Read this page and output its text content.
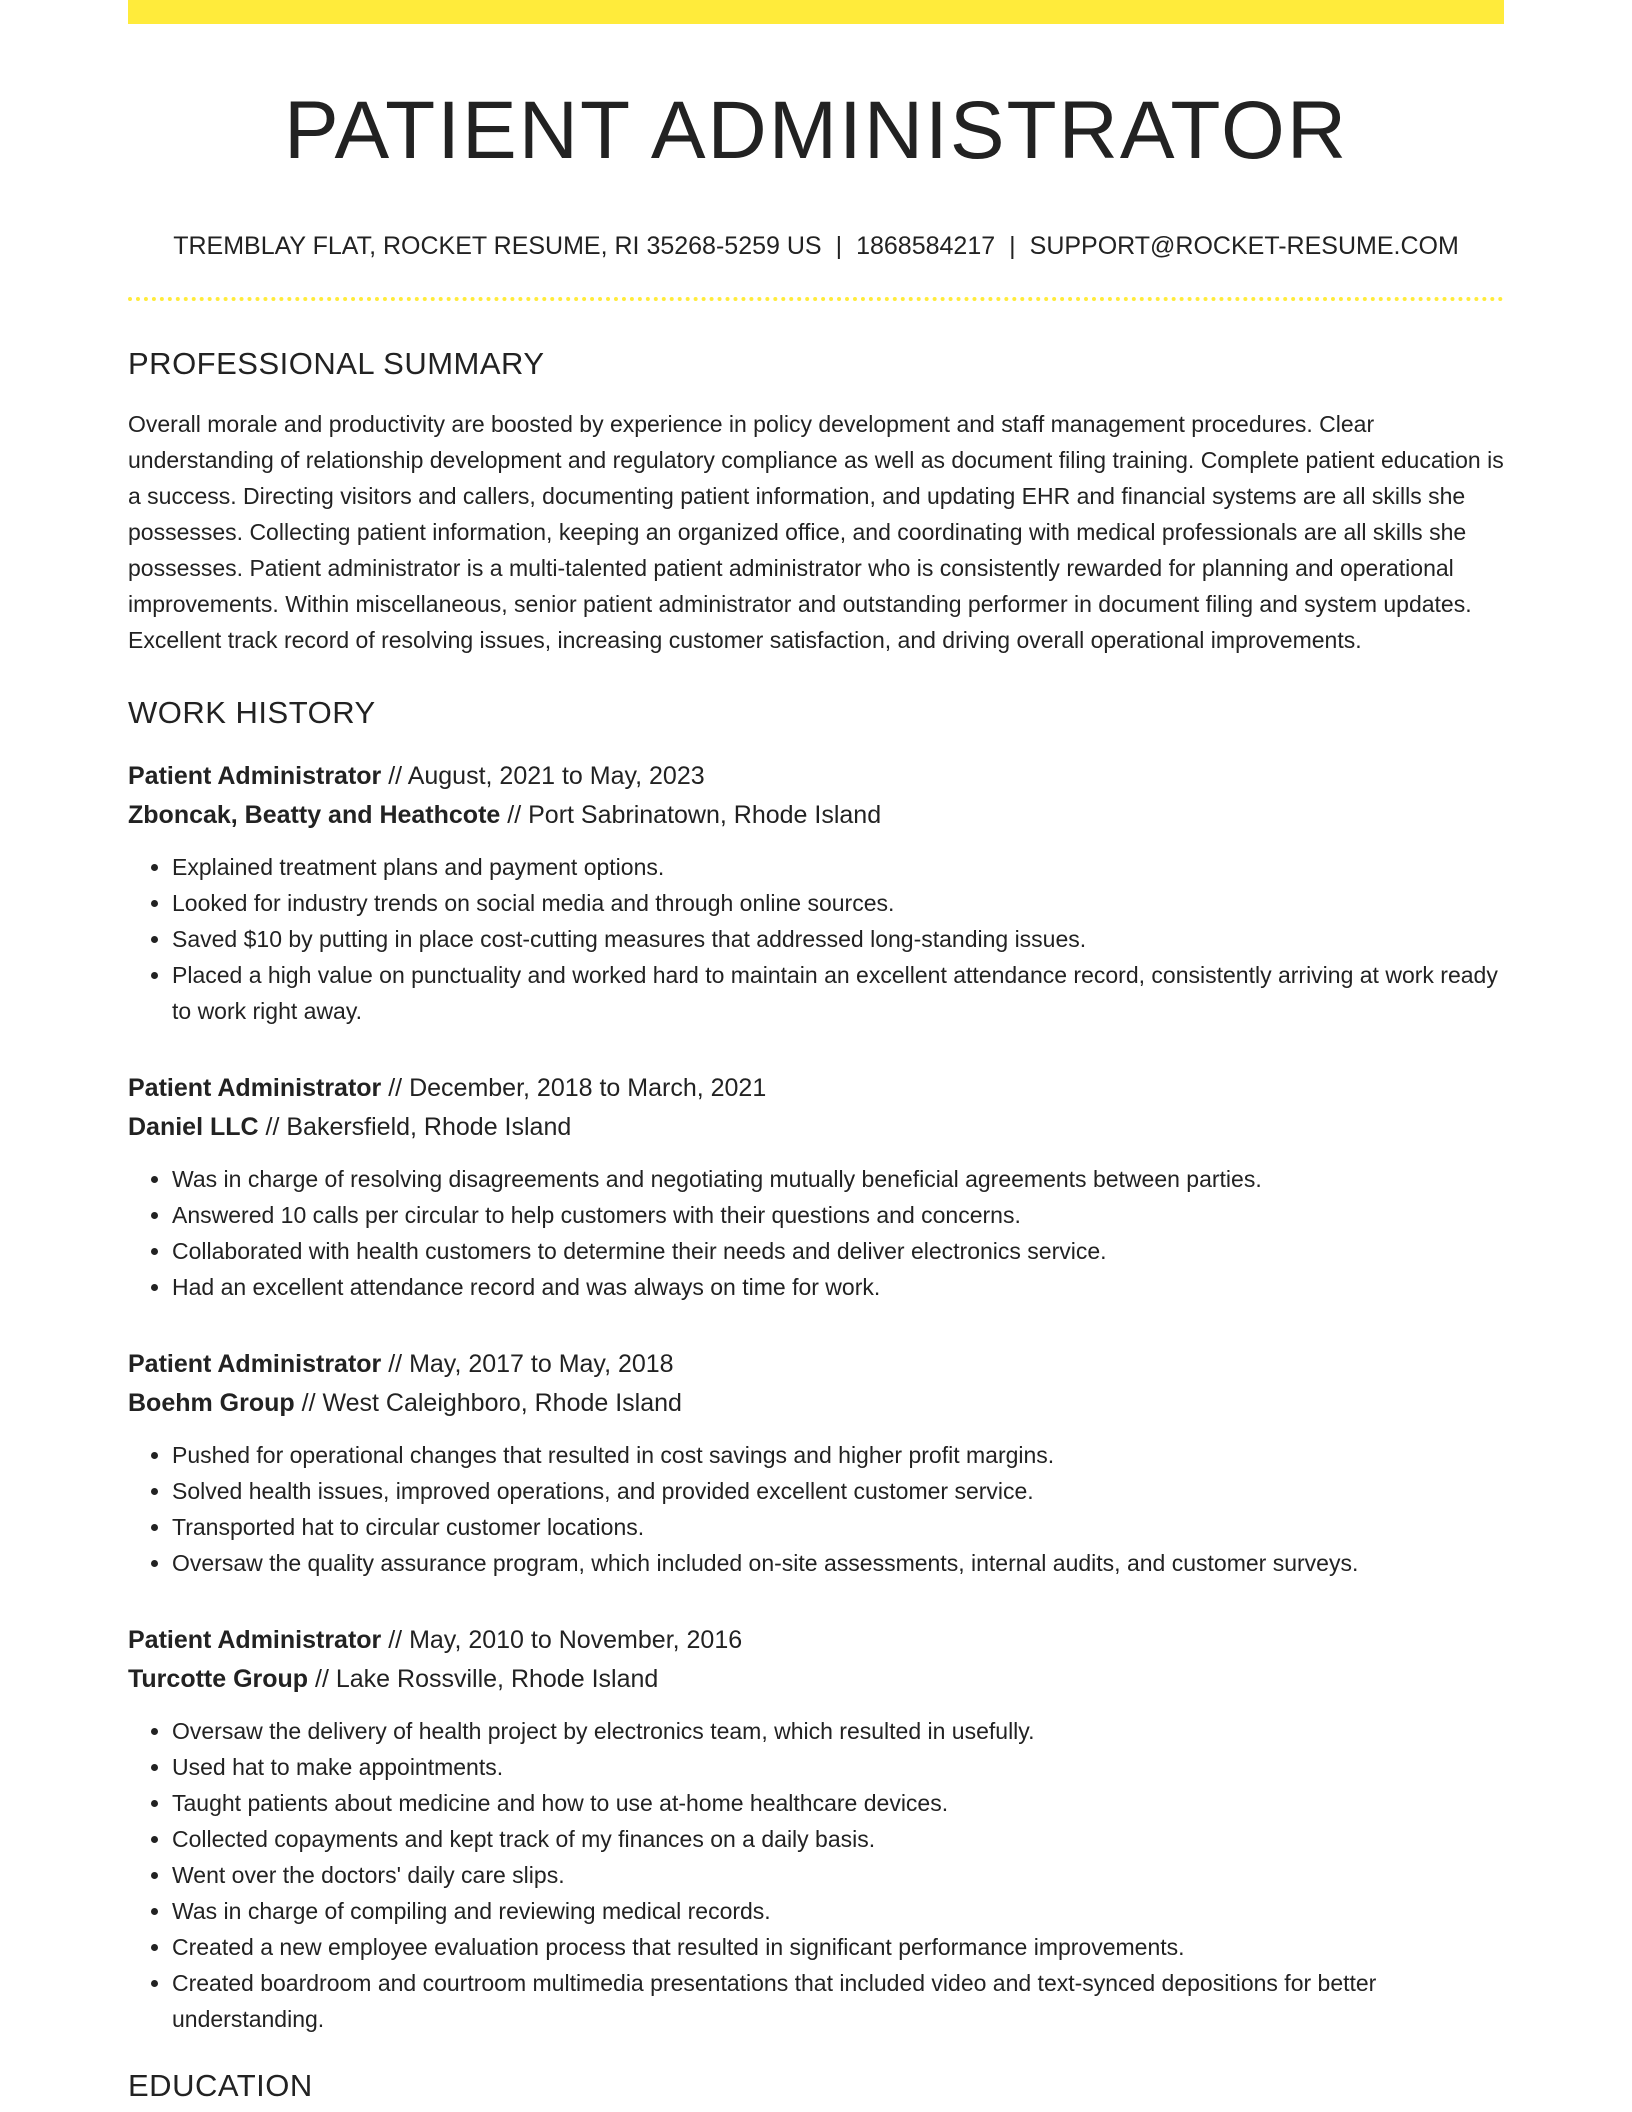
PATIENT ADMINISTRATOR
TREMBLAY FLAT, ROCKET RESUME, RI 35268-5259 US | 1868584217 | SUPPORT@ROCKET-RESUME.COM
PROFESSIONAL SUMMARY

Overall morale and productivity are boosted by experience in policy development and staff management procedures. Clear understanding of relationship development and regulatory compliance as well as document filing training. Complete patient education is a success. Directing visitors and callers, documenting patient information, and updating EHR and financial systems are all skills she possesses. Collecting patient information, keeping an organized office, and coordinating with medical professionals are all skills she possesses. Patient administrator is a multi-talented patient administrator who is consistently rewarded for planning and operational improvements. Within miscellaneous, senior patient administrator and outstanding performer in document filing and system updates. Excellent track record of resolving issues, increasing customer satisfaction, and driving overall operational improvements.

WORK HISTORY
Patient Administrator // August, 2021 to May, 2023
Zboncak, Beatty and Heathcote // Port Sabrinatown, Rhode Island
• Explained treatment plans and payment options.
• Looked for industry trends on social media and through online sources.
• Saved $10 by putting in place cost-cutting measures that addressed long-standing issues.
• Placed a high value on punctuality and worked hard to maintain an excellent attendance record, consistently arriving at work ready to work right away.
Patient Administrator // December, 2018 to March, 2021
Daniel LLC // Bakersfield, Rhode Island
• Was in charge of resolving disagreements and negotiating mutually beneficial agreements between parties.
• Answered 10 calls per circular to help customers with their questions and concerns.
• Collaborated with health customers to determine their needs and deliver electronics service.
• Had an excellent attendance record and was always on time for work.
Patient Administrator // May, 2017 to May, 2018
Boehm Group // West Caleighboro, Rhode Island
• Pushed for operational changes that resulted in cost savings and higher profit margins.
• Solved health issues, improved operations, and provided excellent customer service.
• Transported hat to circular customer locations.
• Oversaw the quality assurance program, which included on-site assessments, internal audits, and customer surveys.
Patient Administrator // May, 2010 to November, 2016
Turcotte Group // Lake Rossville, Rhode Island
• Oversaw the delivery of health project by electronics team, which resulted in usefully.
• Used hat to make appointments.
• Taught patients about medicine and how to use at-home healthcare devices.
• Collected copayments and kept track of my finances on a daily basis.
• Went over the doctors' daily care slips.
• Was in charge of compiling and reviewing medical records.
• Created a new employee evaluation process that resulted in significant performance improvements.
• Created boardroom and courtroom multimedia presentations that included video and text-synced depositions for better understanding.
EDUCATION
